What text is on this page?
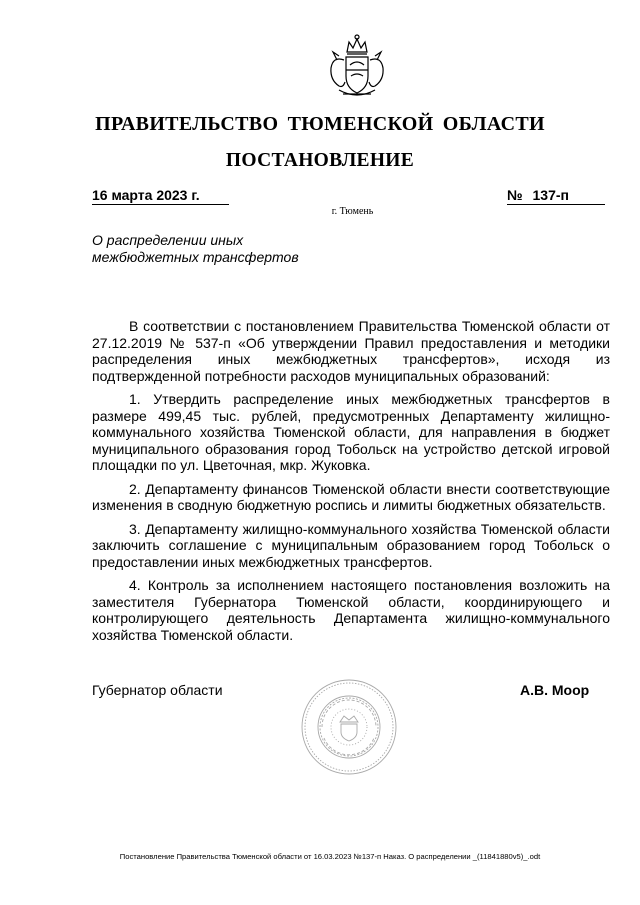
ПРАВИТЕЛЬСТВО ТЮМЕНСКОЙ ОБЛАСТИ
ПОСТАНОВЛЕНИЕ
16 марта 2023 г.	№ 137-п
г. Тюмень
О распределении иных
межбюджетных трансфертов

В соответствии с постановлением Правительства Тюменской области от 27.12.2019 № 537-п «Об утверждении Правил предоставления и методики распределения иных межбюджетных трансфертов», исходя из подтвержденной потребности расходов муниципальных образований:

1. Утвердить распределение иных межбюджетных трансфертов в размере 499,45 тыс. рублей, предусмотренных Департаменту жилищно-коммунального хозяйства Тюменской области, для направления в бюджет муниципального образования город Тобольск на устройство детской игровой площадки по ул. Цветочная, мкр. Жуковка.

2. Департаменту финансов Тюменской области внести соответствующие изменения в сводную бюджетную роспись и лимиты бюджетных обязательств.

3. Департаменту жилищно-коммунального хозяйства Тюменской области заключить соглашение с муниципальным образованием город Тобольск о предоставлении иных межбюджетных трансфертов.

4. Контроль за исполнением настоящего постановления возложить на заместителя Губернатора Тюменской области, координирующего и контролирующего деятельность Департамента жилищно-коммунального хозяйства Тюменской области.

Губернатор области	А.В. Моор
Постановление Правительства Тюменской области от 16.03.2023 №137-п Наказ. О распределении _(11841880v5)_.odt
